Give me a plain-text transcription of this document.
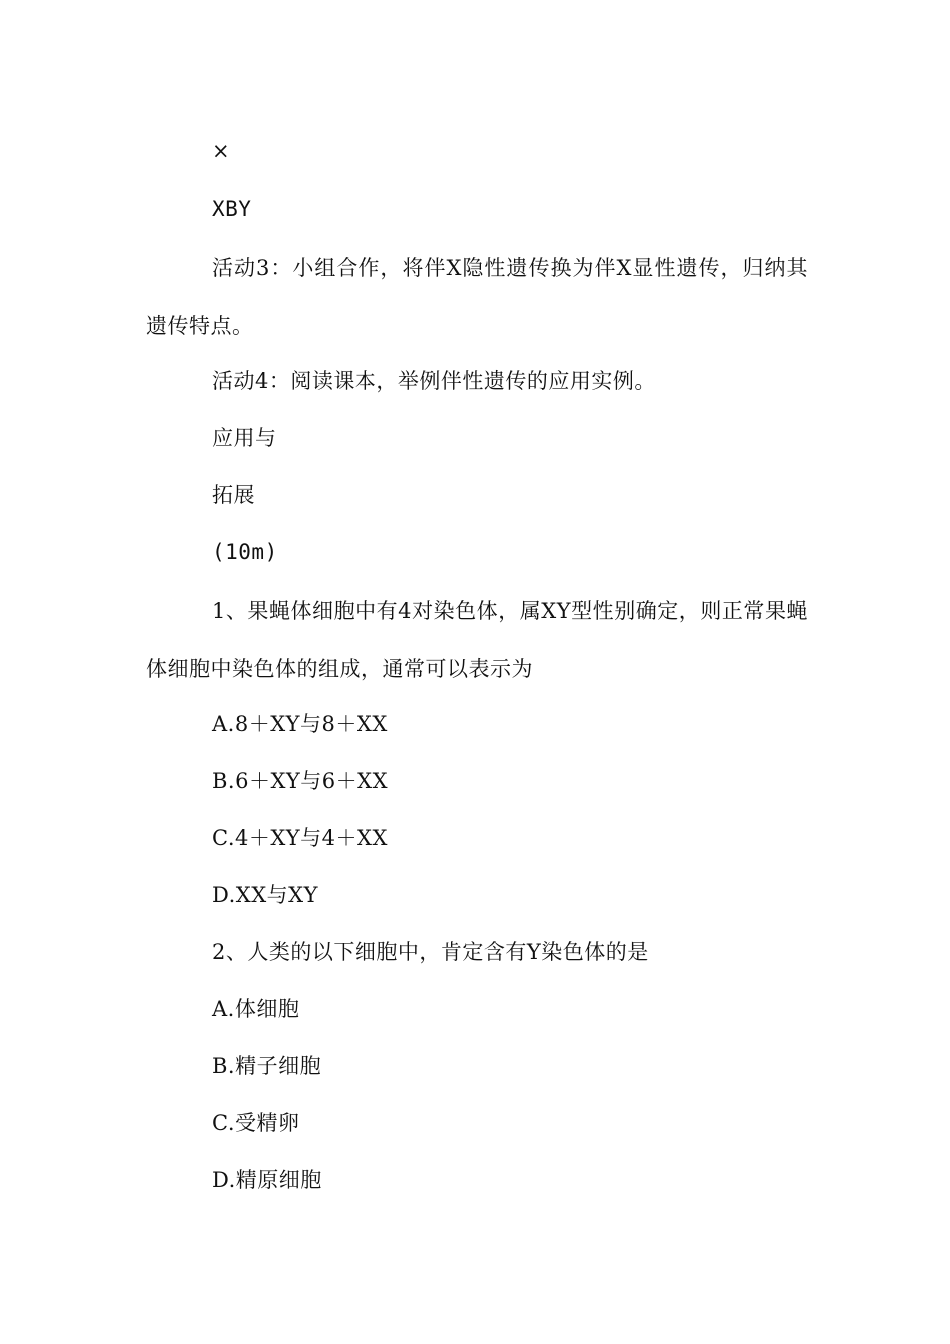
×
XBY
活动3：小组合作，将伴X隐性遗传换为伴X显性遗传，归纳其遗传特点。
活动4：阅读课本，举例伴性遗传的应用实例。
应用与
拓展
(10m)
1、果蝇体细胞中有4对染色体，属XY型性别确定，则正常果蝇体细胞中染色体的组成，通常可以表示为
A.8＋XY与8＋XX
B.6＋XY与6＋XX
C.4＋XY与4＋XX
D.XX与XY
2、人类的以下细胞中，肯定含有Y染色体的是
A.体细胞
B.精子细胞
C.受精卵
D.精原细胞
